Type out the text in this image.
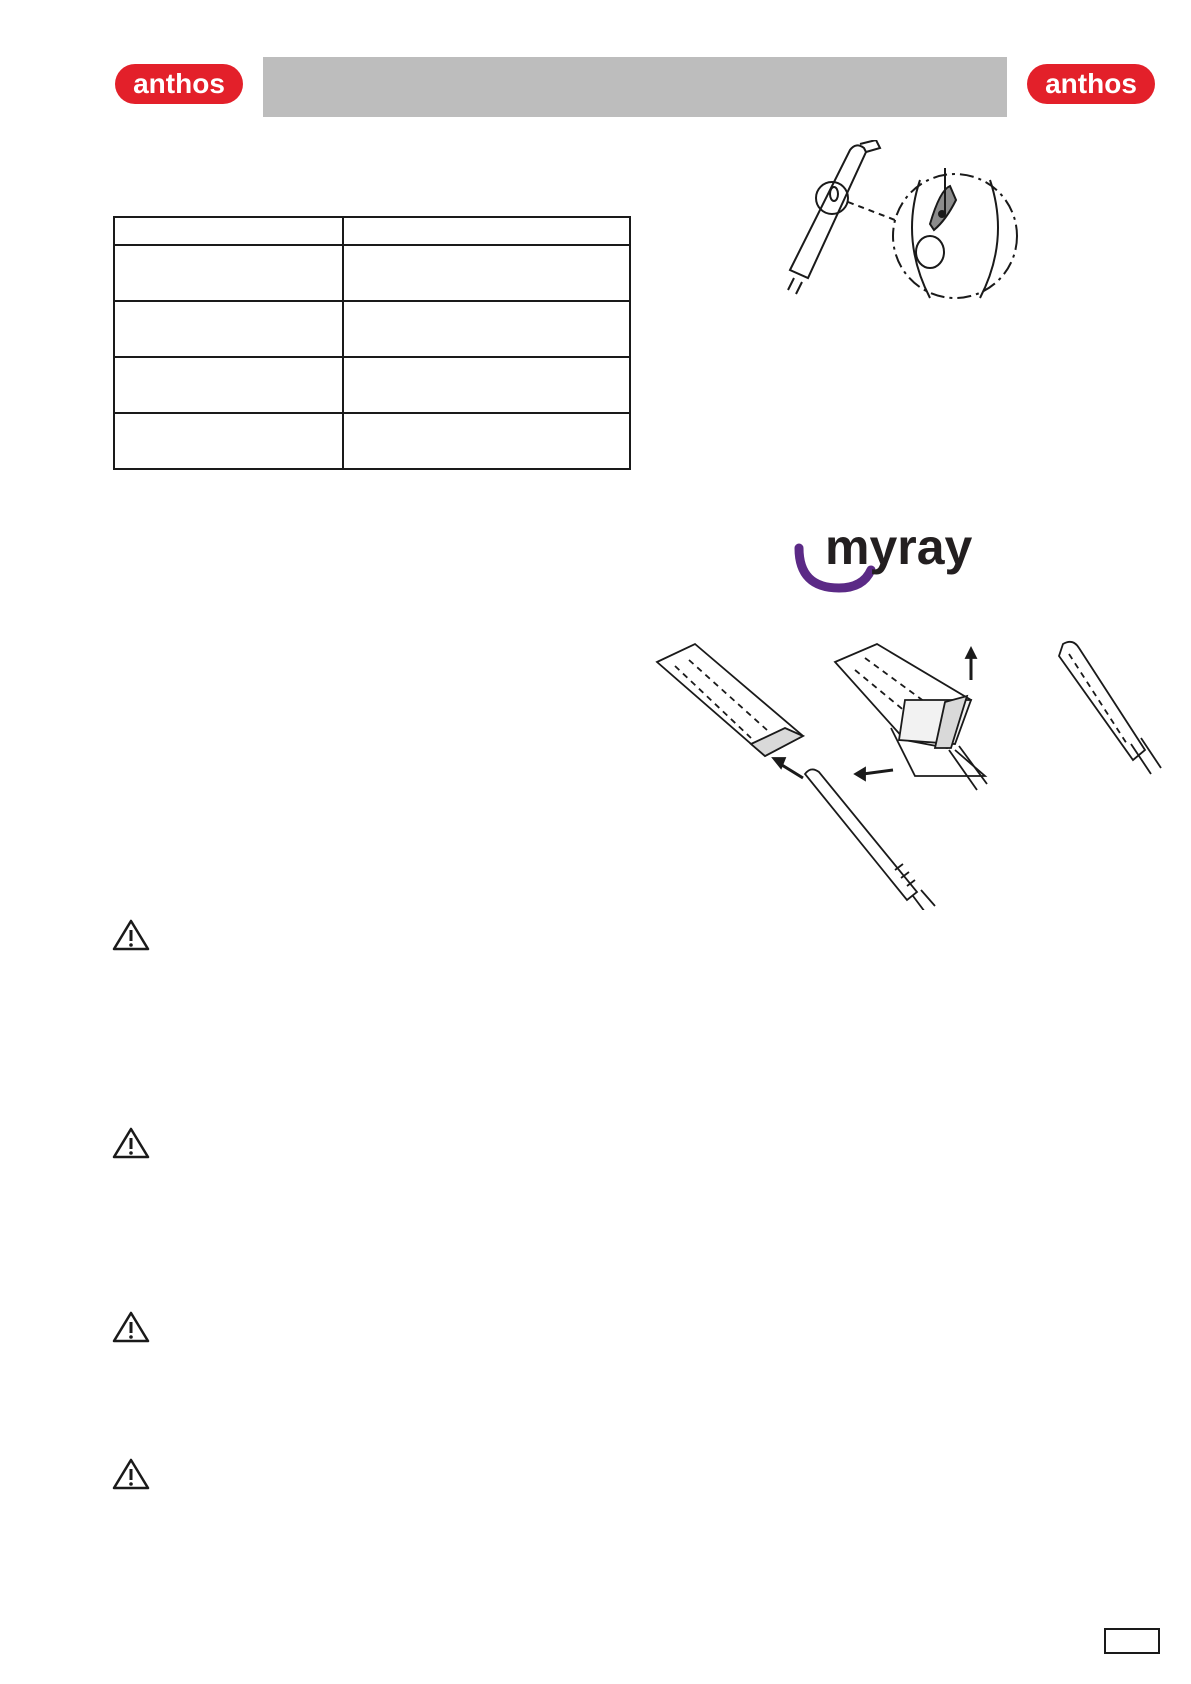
anthos	anthos

myray
